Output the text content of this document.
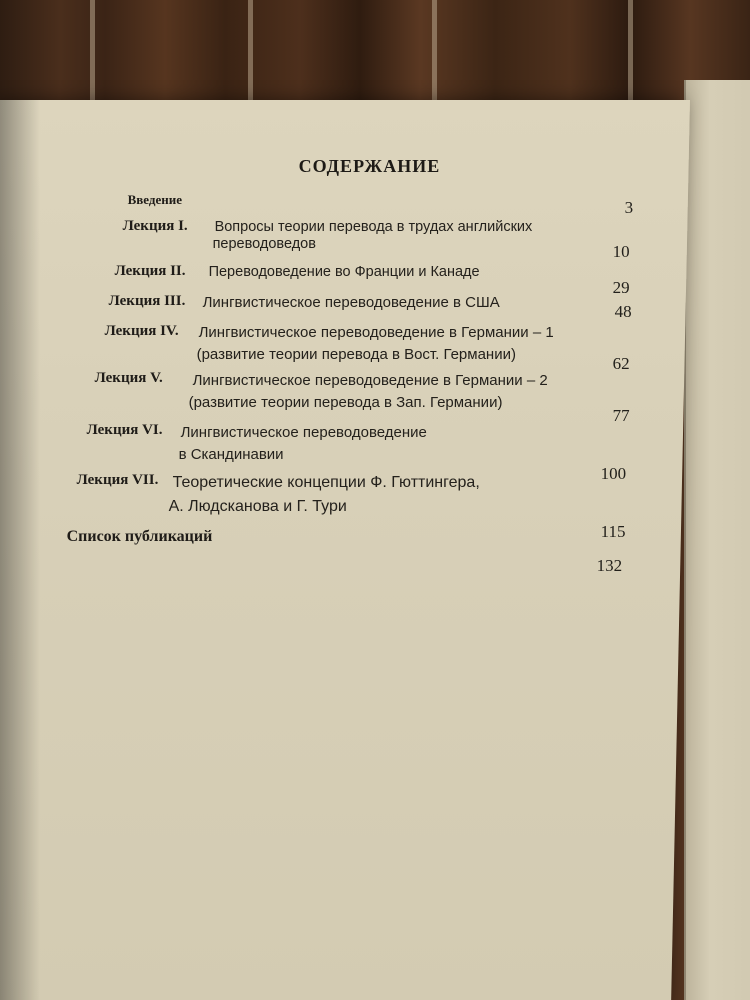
СОДЕРЖАНИЕ
Введение	3
Лекция I. Вопросы теории перевода в трудах английских
переводоведов	10
Лекция II. Переводоведение во Франции и Канаде
29
Лекция III. Лингвистическое переводоведение в США	48
Лекция IV. Лингвистическое переводоведение в Германии – 1
(развитие теории перевода в Вост. Германии)	62
Лекция V. Лингвистическое переводоведение в Германии – 2
(развитие теории перевода в Зап. Германии)
77
Лекция VI. Лингвистическое переводоведение
в Скандинавии
100
Лекция VII. Теоретические концепции Ф. Гюттингера,
А. Людсканова и Г. Тури
115
Список публикаций
132
